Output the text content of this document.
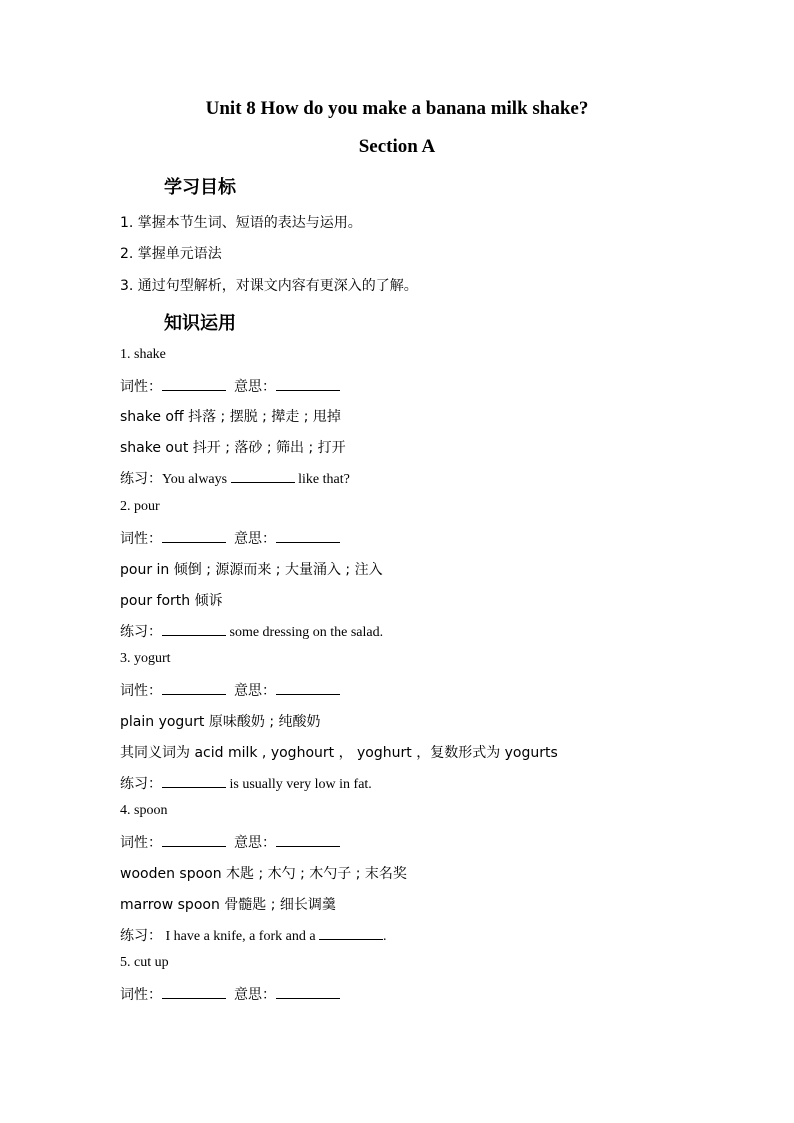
Unit 8 How do you make a banana milk shake?
Section A
学习目标
1. 掌握本节生词、短语的表达与运用。
2. 掌握单元语法
3. 通过句型解析，对课文内容有更深入的了解。
知识运用
1. shake
词性：	意思：
shake off 抖落 ; 摆脱 ; 撵走 ; 甩掉
shake out 抖开 ; 落砂 ; 筛出 ; 打开
练习：You always	like that?
2. pour
词性：	意思：
pour in 倾倒 ; 源源而来 ; 大量涌入 ; 注入
pour forth 倾诉
练习：	some dressing on the salad.
3. yogurt
词性：	意思：
plain yogurt 原味酸奶 ; 纯酸奶
其同义词为 acid milk , yoghourt ， yoghurt ，复数形式为 yogurts
练习：	is usually very low in fat.
4. spoon
词性：	意思：
wooden spoon 木匙 ; 木勺 ; 木勺子 ; 末名奖
marrow spoon 骨髓匙 ; 细长调羹
练习： I have a knife, a fork and a	.
5. cut up
词性：	意思：
